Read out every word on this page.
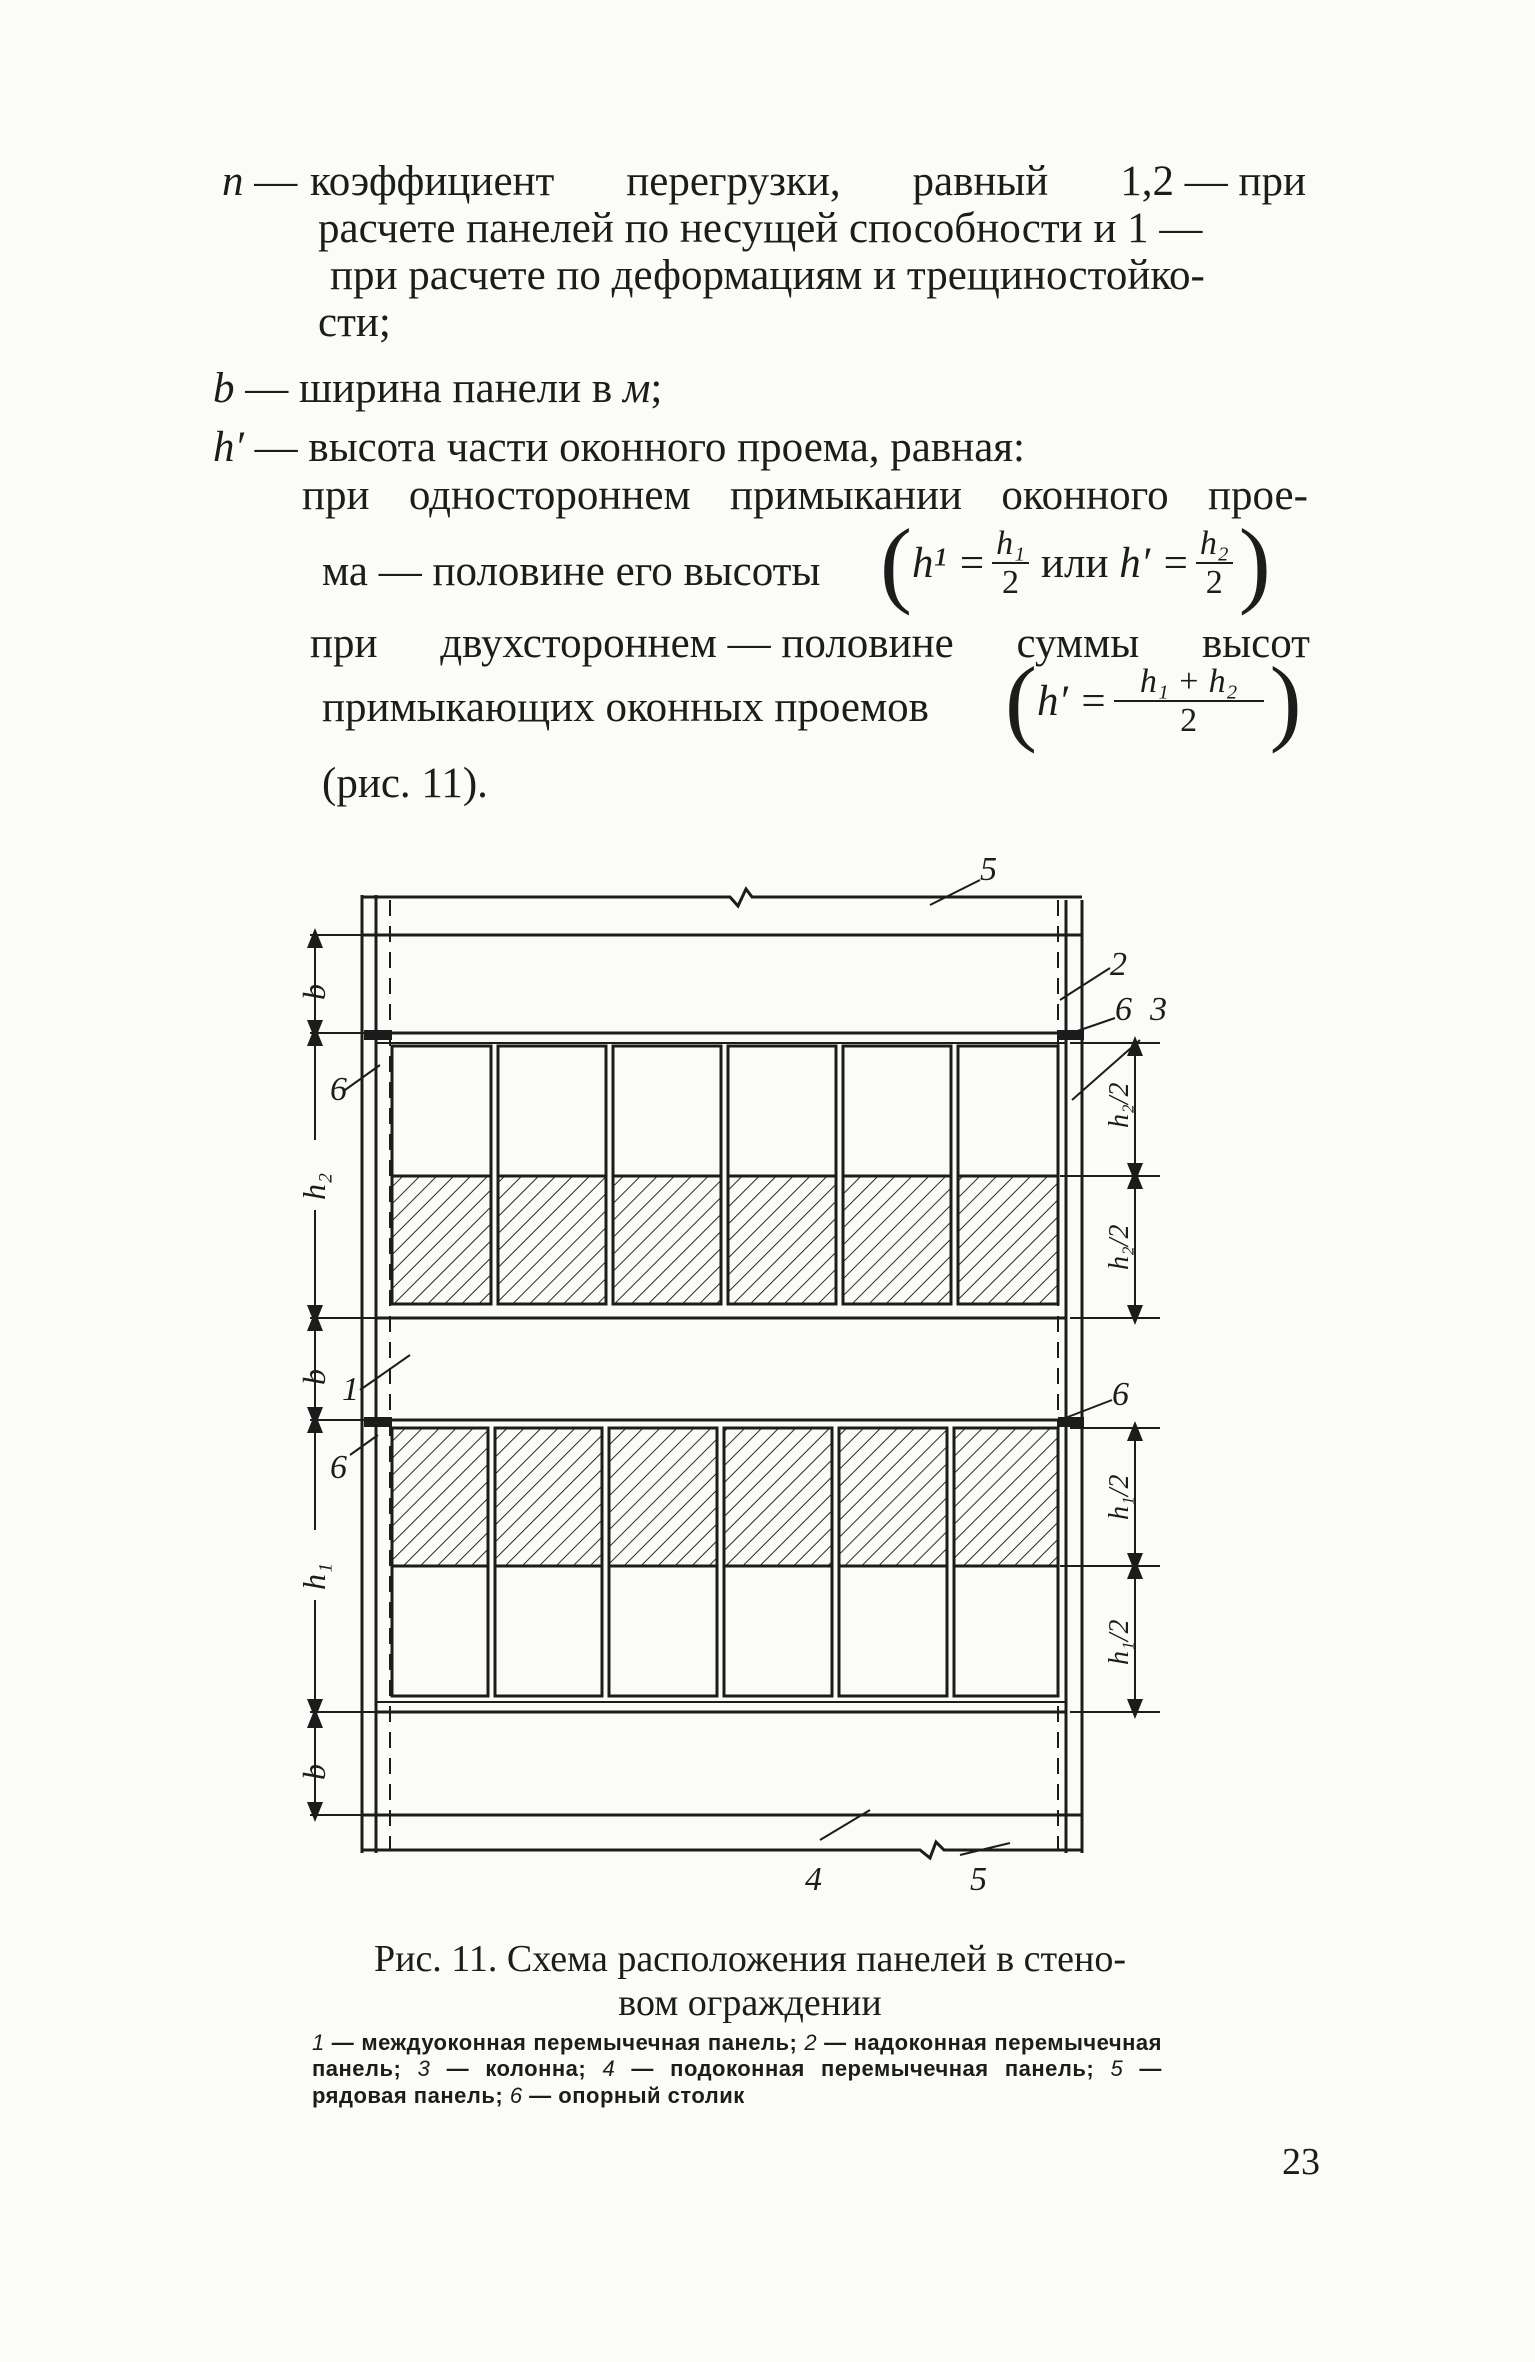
n — коэффициент перегрузки, равный 1,2 — при
расчете панелей по несущей способности и 1 —
при расчете по деформациям и трещиностойко-
сти;
b — ширина панели в м;
h′ — высота части оконного проема, равная:
при одностороннем примыкании оконного прое-
ма — половине его высоты ( $h^1 = \frac{\text{h₁}}{2}$ или
$h' = \frac{\text{h₂}}{2}$ )
при двухстороннем — половине суммы высот
примыкающих оконных проемов ( $h' = \frac{\text{h₁ + h₂}}{2}$ )
(рис. 11).
5
2
6 3
6
1	6
6
4	5
b
h₂
b
h₁
b
h₂/2
h₂/2
h₁/2
h₁/2
Рис. 11. Схема расположения панелей в стено-
вом ограждении
1 — междуоконная перемычечная панель; 2 — надоконная перемычечная панель; 3 — колонна; 4 — подоконная перемычечная панель; 5 — рядовая панель; 6 — опорный столик
23
